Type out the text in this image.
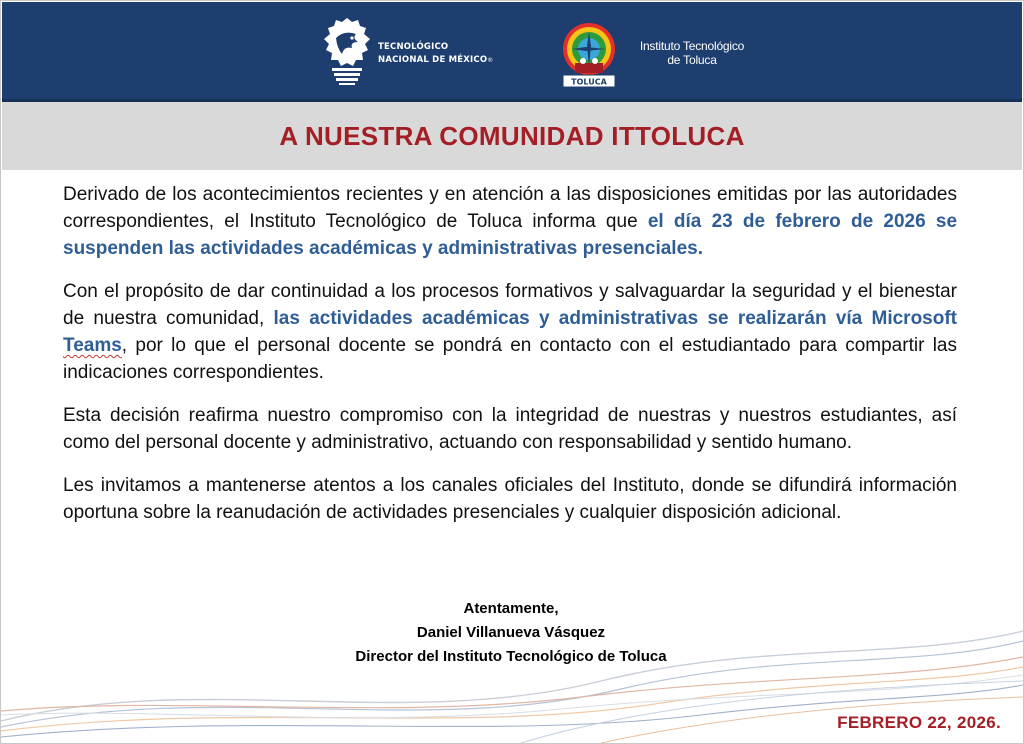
TECNOLÓGICO
NACIONAL DE MÉXICO®
TOLUCA
Instituto Tecnológico
de Toluca
A NUESTRA COMUNIDAD ITTOLUCA

Derivado de los acontecimientos recientes y en atención a las disposiciones emitidas por las autoridades correspondientes, el Instituto Tecnológico de Toluca informa que el día 23 de febrero de 2026 se suspenden las actividades académicas y administrativas presenciales.

Con el propósito de dar continuidad a los procesos formativos y salvaguardar la seguridad y el bienestar de nuestra comunidad, las actividades académicas y administrativas se realizarán vía Microsoft Teams, por lo que el personal docente se pondrá en contacto con el estudiantado para compartir las indicaciones correspondientes.

Esta decisión reafirma nuestro compromiso con la integridad de nuestras y nuestros estudiantes, así como del personal docente y administrativo, actuando con responsabilidad y sentido humano.

Les invitamos a mantenerse atentos a los canales oficiales del Instituto, donde se difundirá información oportuna sobre la reanudación de actividades presenciales y cualquier disposición adicional.

Atentamente,
Daniel Villanueva Vásquez
Director del Instituto Tecnológico de Toluca
FEBRERO 22, 2026.
